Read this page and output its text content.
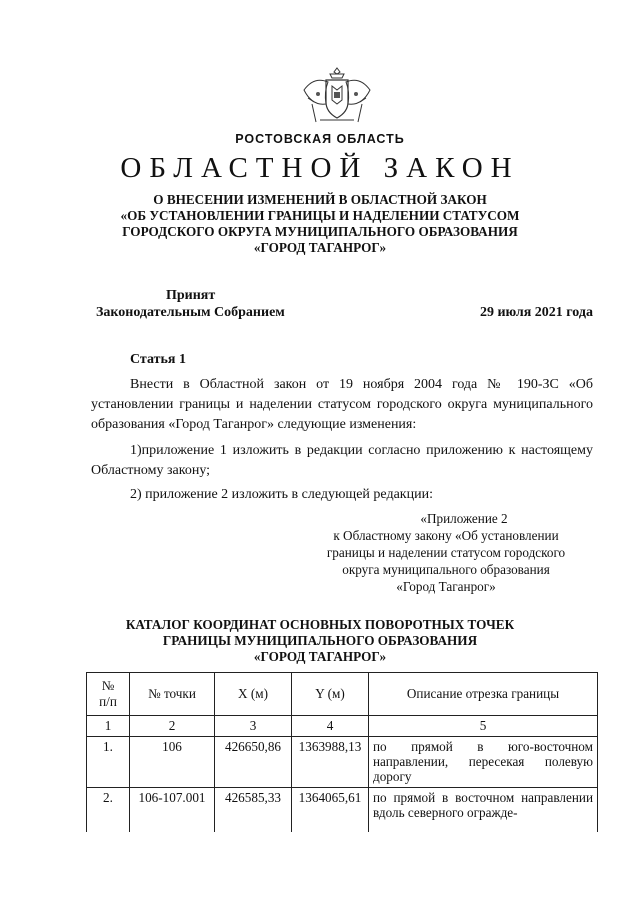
РОСТОВСКАЯ ОБЛАСТЬ
ОБЛАСТНОЙ ЗАКОН
О ВНЕСЕНИИ ИЗМЕНЕНИЙ В ОБЛАСТНОЙ ЗАКОН
«ОБ УСТАНОВЛЕНИИ ГРАНИЦЫ И НАДЕЛЕНИИ СТАТУСОМ
ГОРОДСКОГО ОКРУГА МУНИЦИПАЛЬНОГО ОБРАЗОВАНИЯ
«ГОРОД ТАГАНРОГ»
Принят
Законодательным Собранием	29 июля 2021 года
Статья 1

Внести в Областной закон от 19 ноября 2004 года № 190-ЗС «Об установлении границы и наделении статусом городского округа муниципального образования «Город Таганрог» следующие изменения:

1)приложение 1 изложить в редакции согласно приложению к настоящему Областному закону;

2) приложение 2 изложить в следующей редакции:

«Приложение 2
к Областному закону «Об установлении
границы и наделении статусом городского
округа муниципального образования
«Город Таганрог»
КАТАЛОГ КООРДИНАТ ОСНОВНЫХ ПОВОРОТНЫХ ТОЧЕК
ГРАНИЦЫ МУНИЦИПАЛЬНОГО ОБРАЗОВАНИЯ
«ГОРОД ТАГАНРОГ»
№
п/п	№ точки	X (м)	Y (м)	Описание отрезка границы
1	2	3	4	5
1.	106	426650,86	1363988,13	по прямой в юго-восточном направлении, пересекая полевую дорогу
2.	106-107.001	426585,33	1364065,61	по прямой в восточном направлении вдоль северного огражде-
